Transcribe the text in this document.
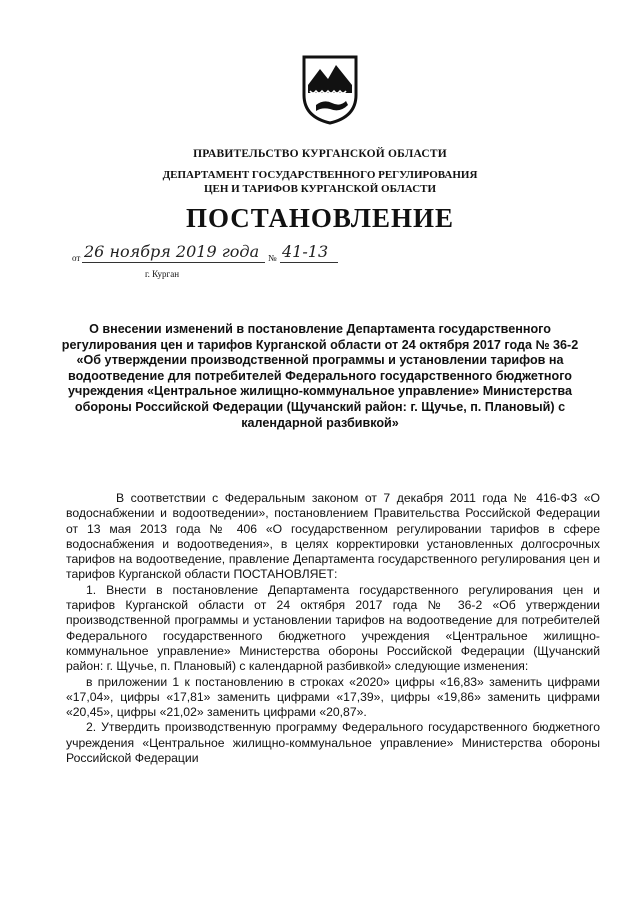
ПРАВИТЕЛЬСТВО КУРГАНСКОЙ ОБЛАСТИ
ДЕПАРТАМЕНТ ГОСУДАРСТВЕННОГО РЕГУЛИРОВАНИЯ ЦЕН И ТАРИФОВ КУРГАНСКОЙ ОБЛАСТИ
ПОСТАНОВЛЕНИЕ
от 26 ноября 2019 года № 41-13
г. Курган
О внесении изменений в постановление Департамента государственного регулирования цен и тарифов Курганской области от 24 октября 2017 года № 36-2 «Об утверждении производственной программы и установлении тарифов на водоотведение для потребителей Федерального государственного бюджетного учреждения «Центральное жилищно-коммунальное управление» Министерства обороны Российской Федерации (Щучанский район: г. Щучье, п. Плановый) с календарной разбивкой»

В соответствии с Федеральным законом от 7 декабря 2011 года № 416-ФЗ «О водоснабжении и водоотведении», постановлением Правительства Российской Федерации от 13 мая 2013 года № 406 «О государственном регулировании тарифов в сфере водоснабжения и водоотведения», в целях корректировки установленных долгосрочных тарифов на водоотведение, правление Департамента государственного регулирования цен и тарифов Курганской области ПОСТАНОВЛЯЕТ:

1. Внести в постановление Департамента государственного регулирования цен и тарифов Курганской области от 24 октября 2017 года № 36-2 «Об утверждении производственной программы и установлении тарифов на водоотведение для потребителей Федерального государственного бюджетного учреждения «Центральное жилищно-коммунальное управление» Министерства обороны Российской Федерации (Щучанский район: г. Щучье, п. Плановый) с календарной разбивкой» следующие изменения:

в приложении 1 к постановлению в строках «2020» цифры «16,83» заменить цифрами «17,04», цифры «17,81» заменить цифрами «17,39», цифры «19,86» заменить цифрами «20,45», цифры «21,02» заменить цифрами «20,87».

2. Утвердить производственную программу Федерального государственного бюджетного учреждения «Центральное жилищно-коммунальное управление» Министерства обороны Российской Федерации
